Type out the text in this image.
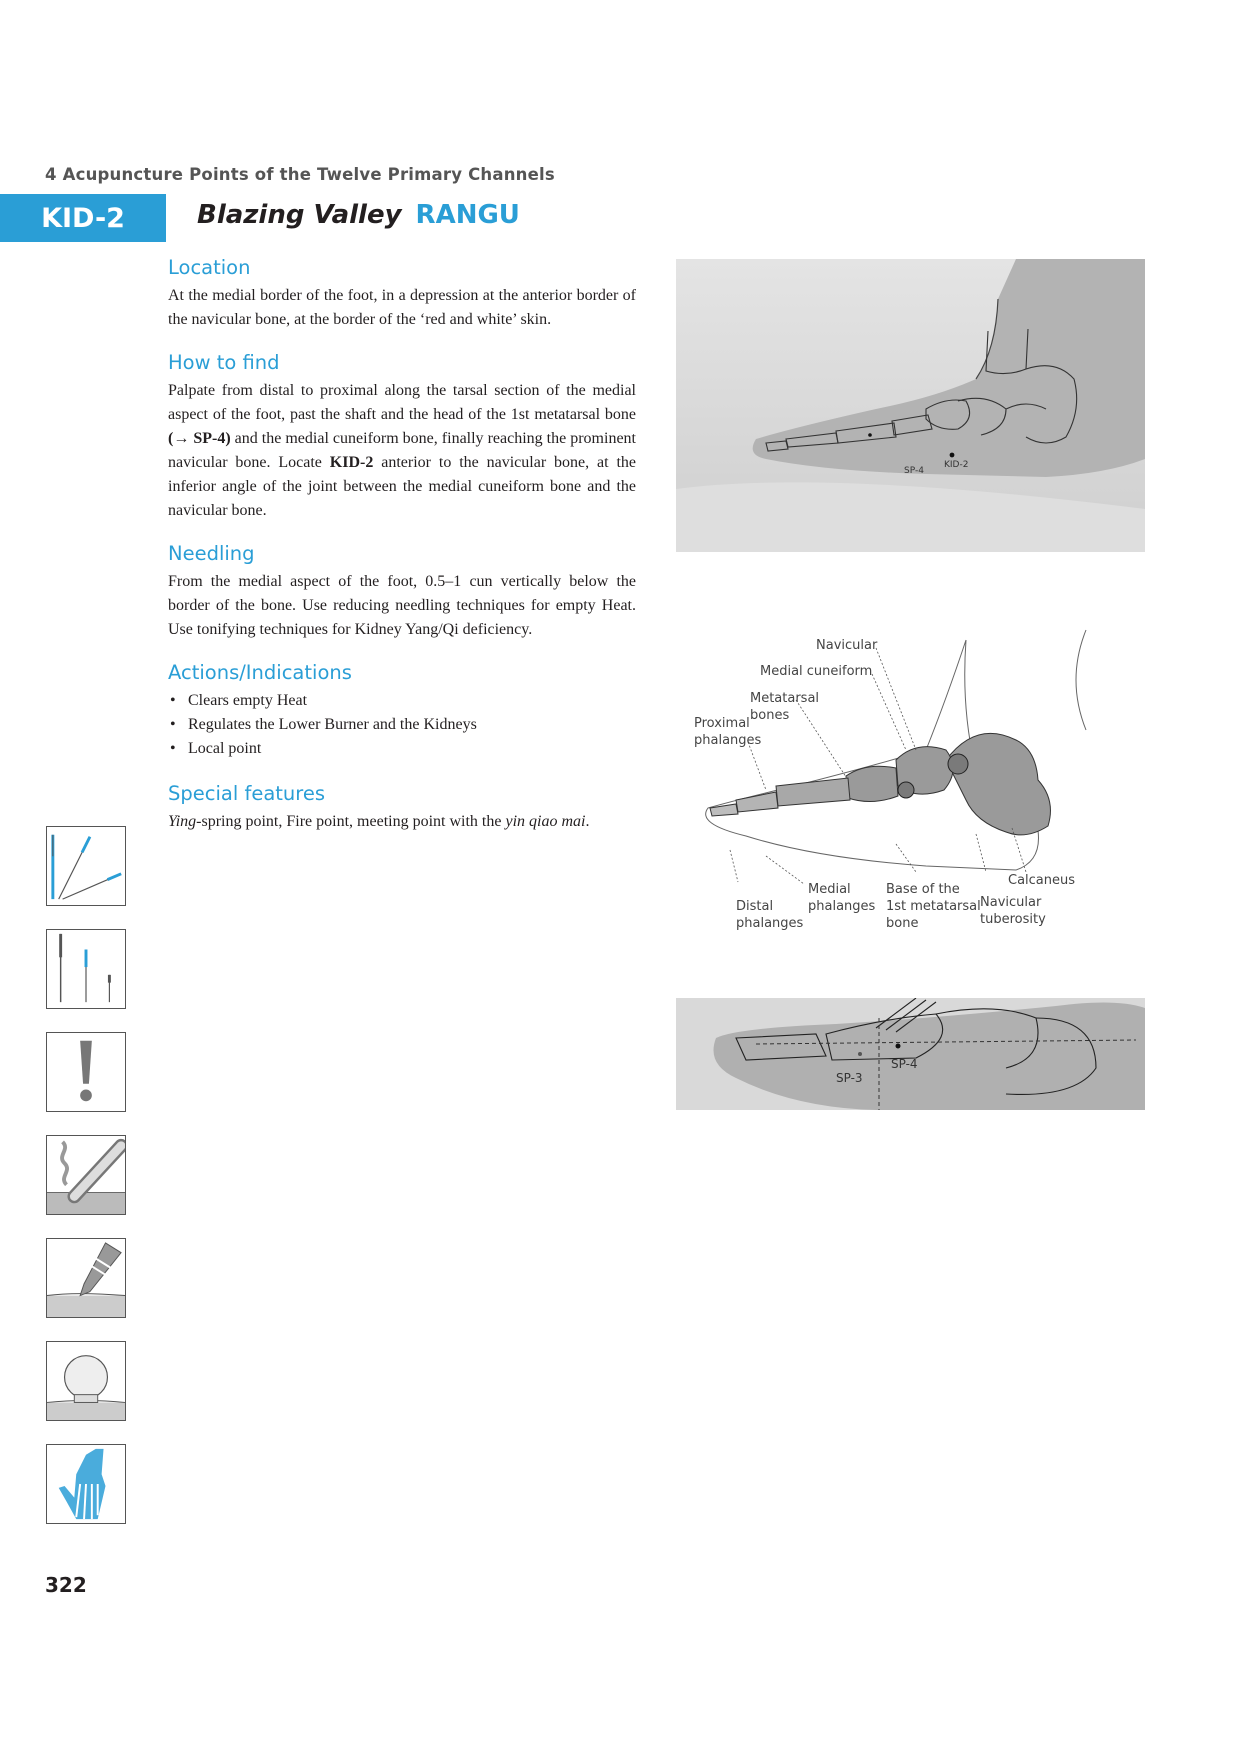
4 Acupuncture Points of the Twelve Primary Channels
KID-2	Blazing Valley RANGU
Location

At the medial border of the foot, in a depression at the anterior border of the navicular bone, at the border of the ‘red and white’ skin.

How to find

Palpate from distal to proximal along the tarsal section of the medial aspect of the foot, past the shaft and the head of the 1st metatarsal bone (→ SP-4) and the medial cuneiform bone, finally reaching the prominent navicular bone. Locate KID-2 anterior to the navicular bone, at the inferior angle of the joint between the medial cuneiform bone and the navicular bone.

Needling

From the medial aspect of the foot, 0.5–1 cun vertically below the border of the bone. Use reducing needling techniques for empty Heat. Use tonifying techniques for Kidney Yang/Qi deficiency.

Actions/Indications
• Clears empty Heat
• Regulates the Lower Burner and the Kidneys
• Local point
Special features

Ying-spring point, Fire point, meeting point with the yin qiao mai.

SP-4
KID-2
Navicular
Medial cuneiform
Metatarsal
bones
Proximal
phalanges
Distal
phalanges
Medial
phalanges
Base of the
1st metatarsal
bone
Calcaneus
Navicular
tuberosity
SP-4
SP-3
322
